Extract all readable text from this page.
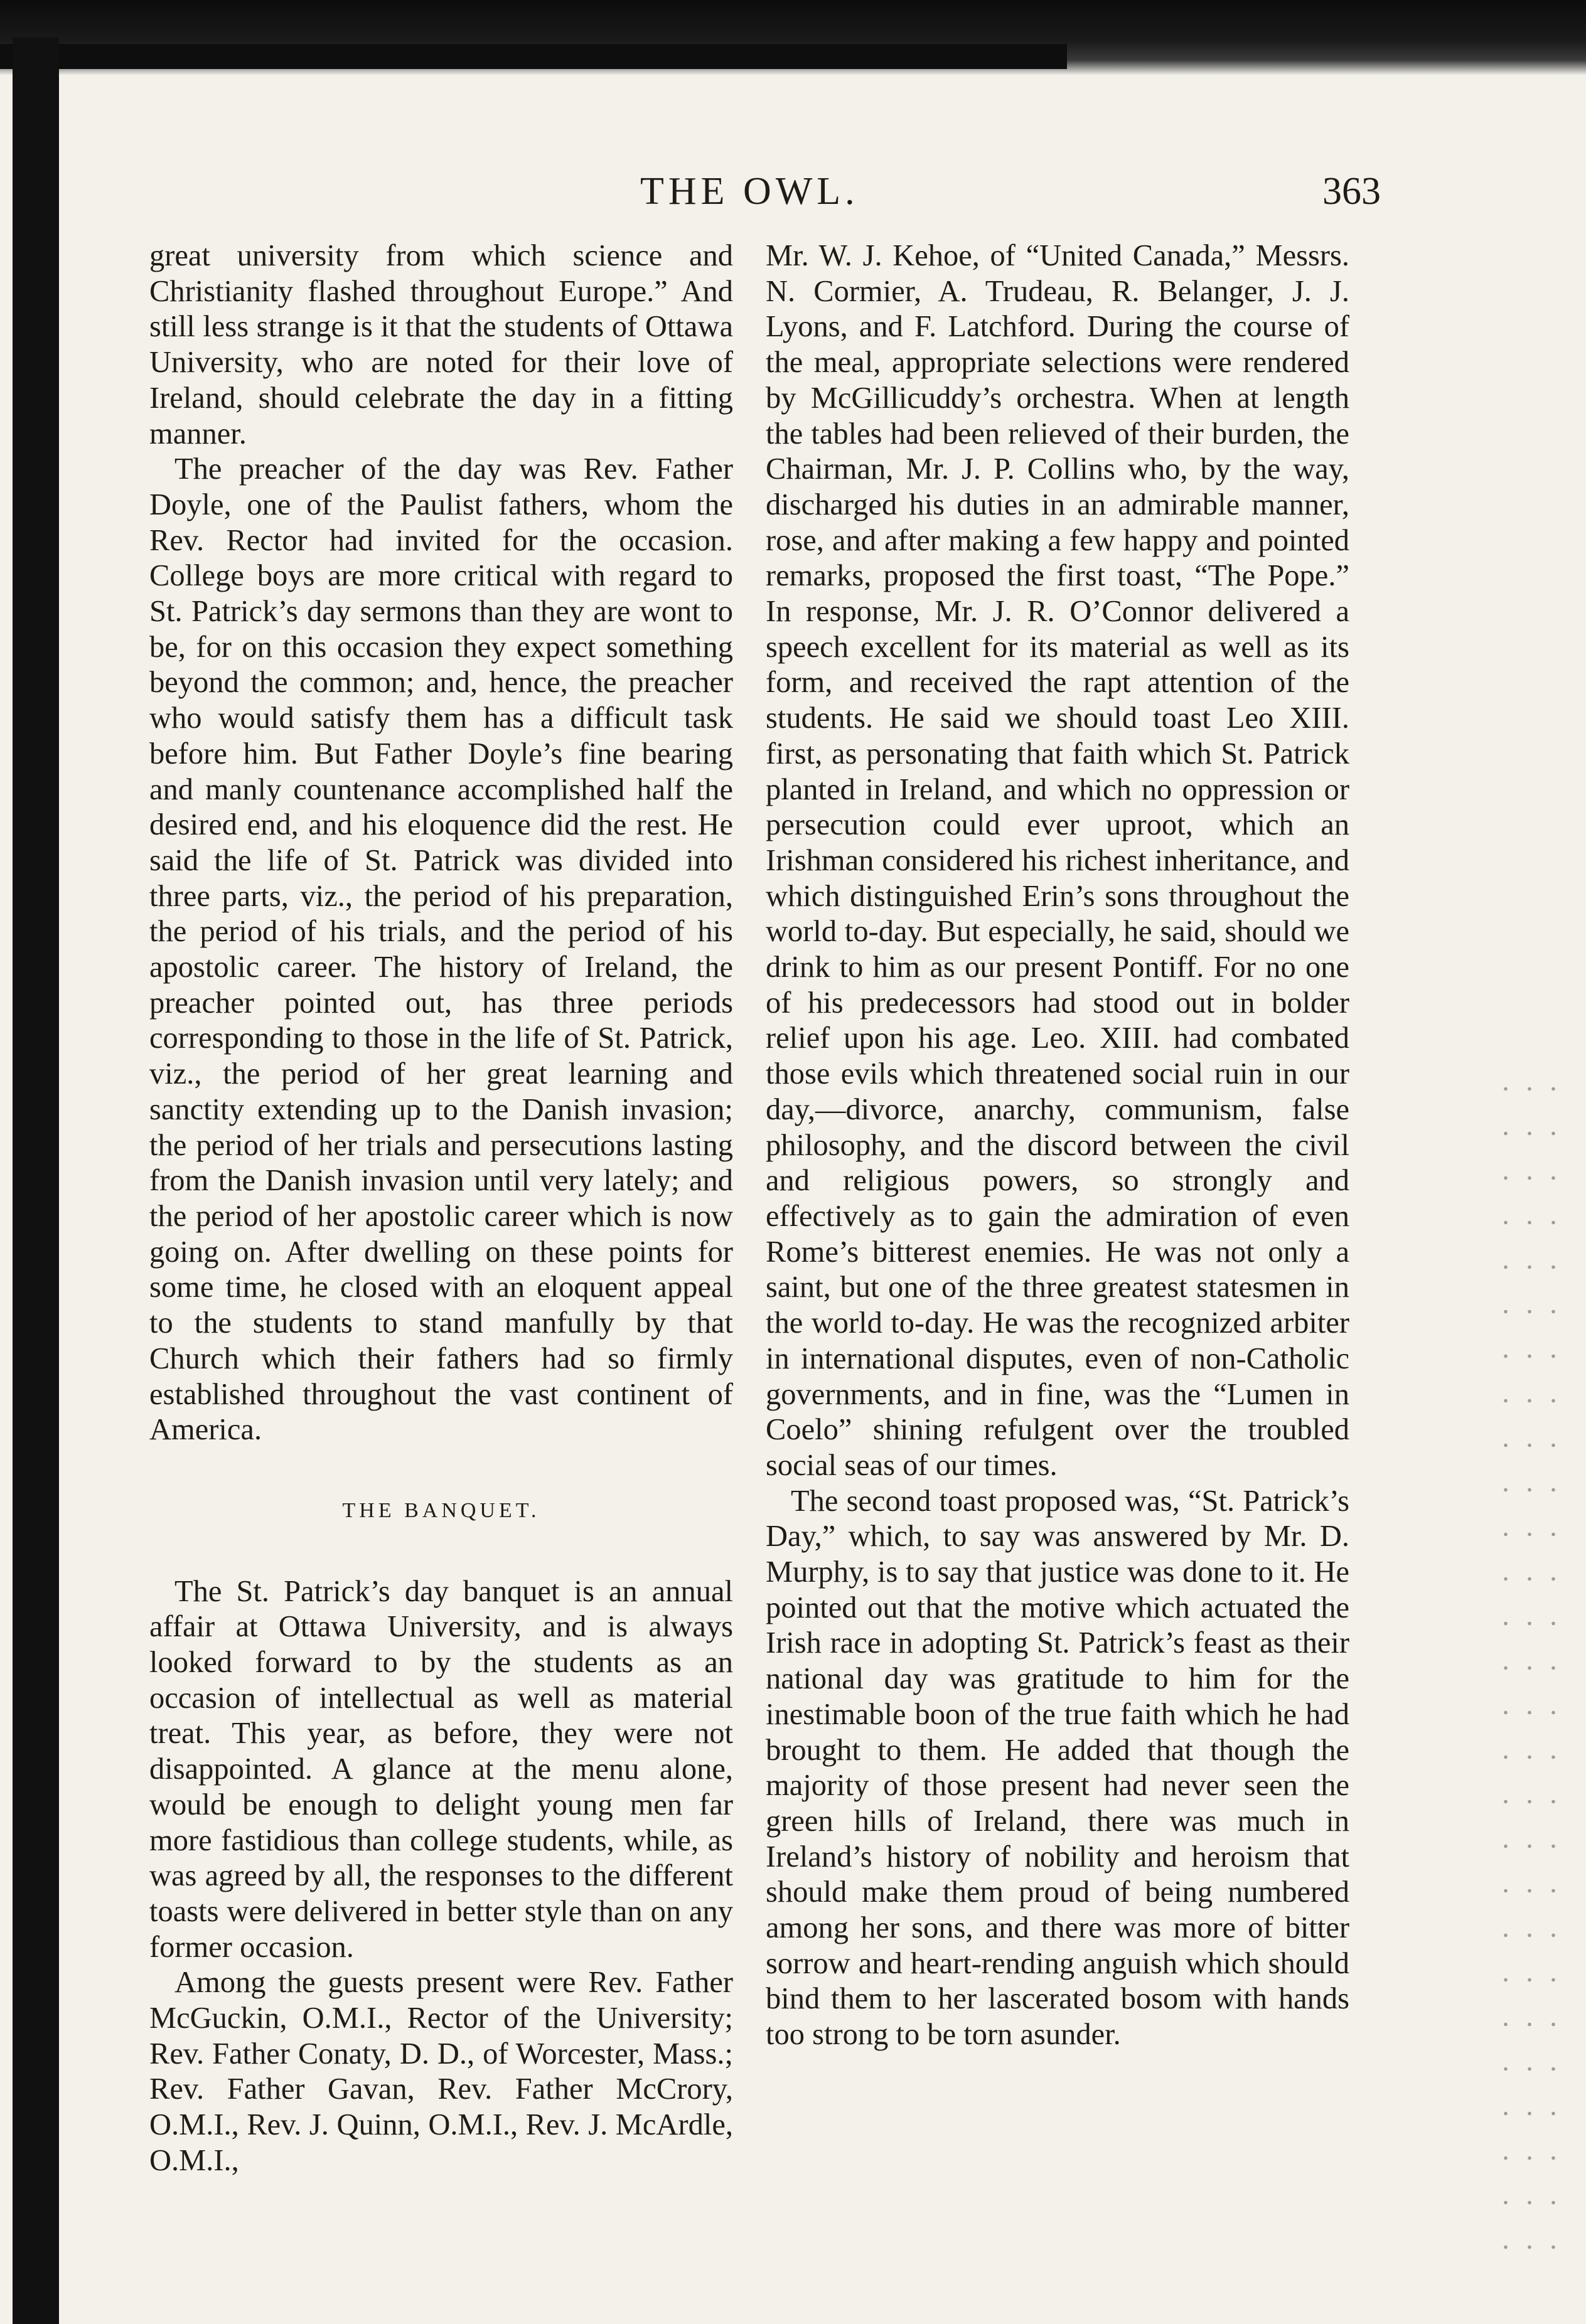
THE OWL.	363

great university from which science and Christianity flashed throughout Europe.” And still less strange is it that the students of Ottawa University, who are noted for their love of Ireland, should celebrate the day in a fitting manner.

The preacher of the day was Rev. Father Doyle, one of the Paulist fathers, whom the Rev. Rector had invited for the occasion. College boys are more critical with regard to St. Patrick’s day sermons than they are wont to be, for on this occasion they expect something beyond the common; and, hence, the preacher who would satisfy them has a difficult task before him. But Father Doyle’s fine bearing and manly countenance accomplished half the desired end, and his eloquence did the rest. He said the life of St. Patrick was divided into three parts, viz., the period of his preparation, the period of his trials, and the period of his apostolic career. The history of Ireland, the preacher pointed out, has three periods corresponding to those in the life of St. Patrick, viz., the period of her great learning and sanctity extending up to the Danish invasion; the period of her trials and persecutions lasting from the Danish invasion until very lately; and the period of her apostolic career which is now going on. After dwelling on these points for some time, he closed with an eloquent appeal to the students to stand manfully by that Church which their fathers had so firmly established throughout the vast continent of America.

THE BANQUET.

The St. Patrick’s day banquet is an annual affair at Ottawa University, and is always looked forward to by the students as an occasion of intellectual as well as material treat. This year, as before, they were not disappointed. A glance at the menu alone, would be enough to delight young men far more fastidious than college students, while, as was agreed by all, the responses to the different toasts were delivered in better style than on any former occasion.

Among the guests present were Rev. Father McGuckin, O.M.I., Rector of the University; Rev. Father Conaty, D. D., of Worcester, Mass.; Rev. Father Gavan, Rev. Father McCrory, O.M.I., Rev. J. Quinn, O.M.I., Rev. J. McArdle, O.M.I.,

Mr. W. J. Kehoe, of “United Canada,” Messrs. N. Cormier, A. Trudeau, R. Belanger, J. J. Lyons, and F. Latchford. During the course of the meal, appropriate selections were rendered by McGillicuddy’s orchestra. When at length the tables had been relieved of their burden, the Chairman, Mr. J. P. Collins who, by the way, discharged his duties in an admirable manner, rose, and after making a few happy and pointed remarks, proposed the first toast, “The Pope.” In response, Mr. J. R. O’Connor delivered a speech excellent for its material as well as its form, and received the rapt attention of the students. He said we should toast Leo XIII. first, as personating that faith which St. Patrick planted in Ireland, and which no oppression or persecution could ever uproot, which an Irishman considered his richest inheritance, and which distinguished Erin’s sons throughout the world to-day. But especially, he said, should we drink to him as our present Pontiff. For no one of his predecessors had stood out in bolder relief upon his age. Leo. XIII. had combated those evils which threatened social ruin in our day,—divorce, anarchy, communism, false philosophy, and the discord between the civil and religious powers, so strongly and effectively as to gain the admiration of even Rome’s bitterest enemies. He was not only a saint, but one of the three greatest statesmen in the world to-day. He was the recognized arbiter in international disputes, even of non-Catholic governments, and in fine, was the “Lumen in Coelo” shining refulgent over the troubled social seas of our times.

The second toast proposed was, “St. Patrick’s Day,” which, to say was answered by Mr. D. Murphy, is to say that justice was done to it. He pointed out that the motive which actuated the Irish race in adopting St. Patrick’s feast as their national day was gratitude to him for the inestimable boon of the true faith which he had brought to them. He added that though the majority of those present had never seen the green hills of Ireland, there was much in Ireland’s history of nobility and heroism that should make them proud of being numbered among her sons, and there was more of bitter sorrow and heart-rending anguish which should bind them to her lascerated bosom with hands too strong to be torn asunder.
